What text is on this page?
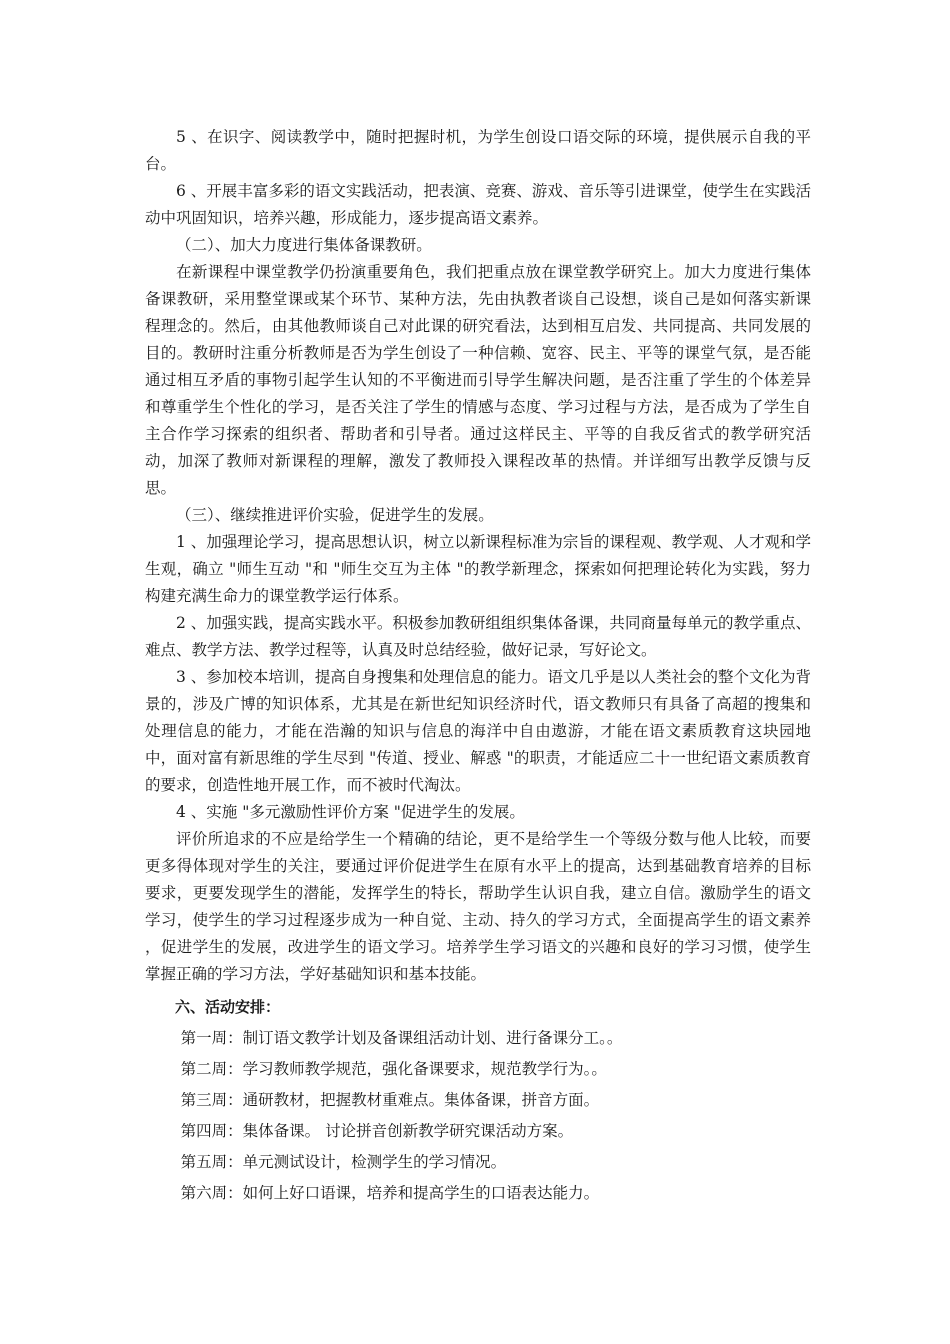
5 、在识字、阅读教学中，随时把握时机，为学生创设口语交际的环境，提供展示自我的平台。

6 、开展丰富多彩的语文实践活动，把表演、竞赛、游戏、音乐等引进课堂，使学生在实践活动中巩固知识，培养兴趣，形成能力，逐步提高语文素养。

（二）、加大力度进行集体备课教研。

在新课程中课堂教学仍扮演重要角色，我们把重点放在课堂教学研究上。加大力度进行集体备课教研，采用整堂课或某个环节、某种方法，先由执教者谈自己设想，谈自己是如何落实新课程理念的。然后，由其他教师谈自己对此课的研究看法，达到相互启发、共同提高、共同发展的目的。教研时注重分析教师是否为学生创设了一种信赖、宽容、民主、平等的课堂气氛，是否能通过相互矛盾的事物引起学生认知的不平衡进而引导学生解决问题，是否注重了学生的个体差异和尊重学生个性化的学习，是否关注了学生的情感与态度、学习过程与方法，是否成为了学生自主合作学习探索的组织者、帮助者和引导者。通过这样民主、平等的自我反省式的教学研究活动，加深了教师对新课程的理解，激发了教师投入课程改革的热情。并详细写出教学反馈与反思。

（三）、继续推进评价实验，促进学生的发展。

1 、加强理论学习，提高思想认识，树立以新课程标准为宗旨的课程观、教学观、人才观和学生观，确立 "师生互动 "和 "师生交互为主体 "的教学新理念，探索如何把理论转化为实践，努力构建充满生命力的课堂教学运行体系。

2 、加强实践，提高实践水平。积极参加教研组组织集体备课，共同商量每单元的教学重点、难点、教学方法、教学过程等，认真及时总结经验，做好记录，写好论文。

3 、参加校本培训，提高自身搜集和处理信息的能力。语文几乎是以人类社会的整个文化为背景的，涉及广博的知识体系，尤其是在新世纪知识经济时代，语文教师只有具备了高超的搜集和处理信息的能力，才能在浩瀚的知识与信息的海洋中自由遨游，才能在语文素质教育这块园地中，面对富有新思维的学生尽到 "传道、授业、解惑 "的职责，才能适应二十一世纪语文素质教育的要求，创造性地开展工作，而不被时代淘汰。

4 、实施 "多元激励性评价方案 "促进学生的发展。

评价所追求的不应是给学生一个精确的结论，更不是给学生一个等级分数与他人比较，而要更多得体现对学生的关注，要通过评价促进学生在原有水平上的提高，达到基础教育培养的目标要求，更要发现学生的潜能，发挥学生的特长，帮助学生认识自我，建立自信。激励学生的语文学习，使学生的学习过程逐步成为一种自觉、主动、持久的学习方式，全面提高学生的语文素养 ，促进学生的发展，改进学生的语文学习。培养学生学习语文的兴趣和良好的学习习惯，使学生掌握正确的学习方法，学好基础知识和基本技能。

六、活动安排：

第一周：制订语文教学计划及备课组活动计划、进行备课分工。。

第二周：学习教师教学规范，强化备课要求，规范教学行为。。

第三周：通研教材，把握教材重难点。集体备课，拼音方面。

第四周：集体备课。 讨论拼音创新教学研究课活动方案。

第五周：单元测试设计，检测学生的学习情况。

第六周：如何上好口语课，培养和提高学生的口语表达能力。
